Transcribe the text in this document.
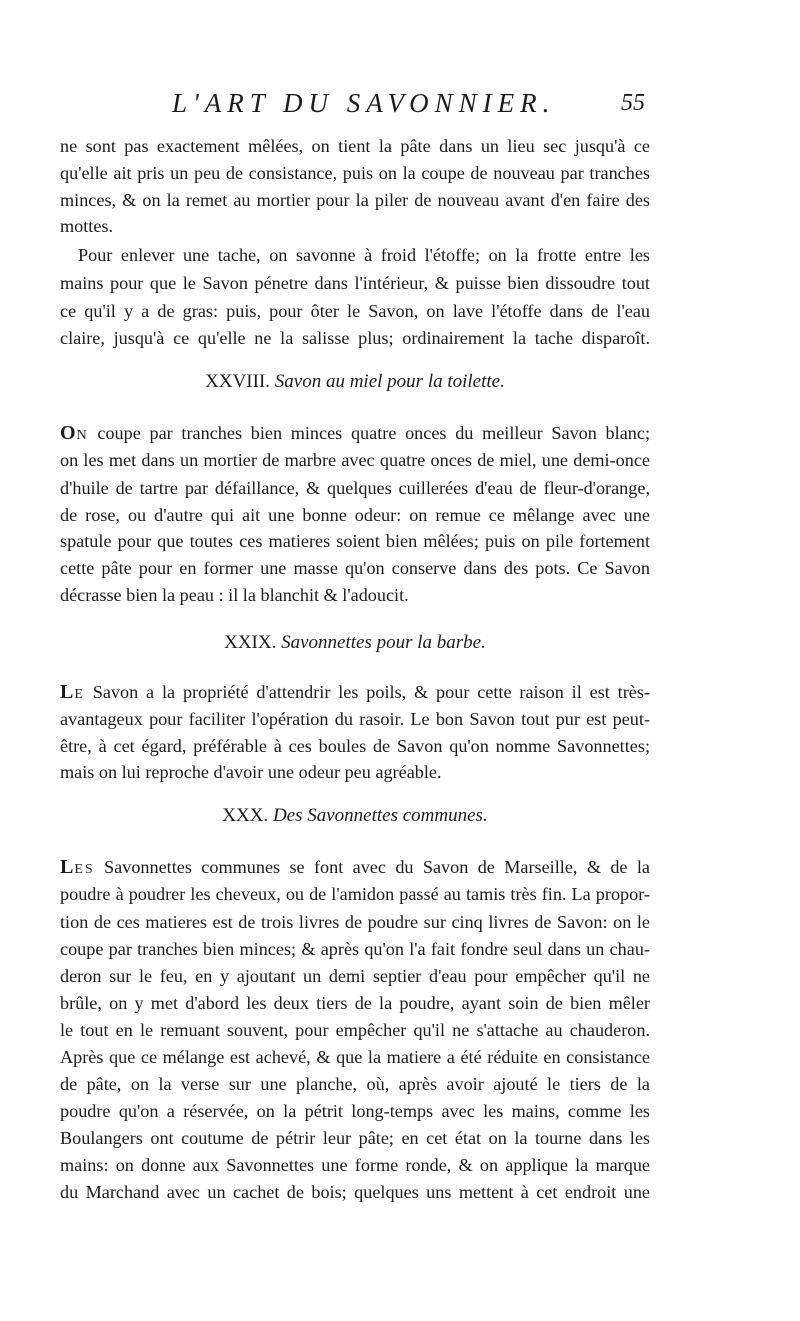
L'ART DU SAVONNIER.	55
ne sont pas exactement mêlées, on tient la pâte dans un lieu sec jusqu'à ce
qu'elle ait pris un peu de consistance, puis on la coupe de nouveau par tranches
minces, & on la remet au mortier pour la piler de nouveau avant d'en faire des
mottes.
Pour enlever une tache, on savonne à froid l'étoffe; on la frotte entre les
mains pour que le Savon pénetre dans l'intérieur, & puisse bien dissoudre tout
ce qu'il y a de gras: puis, pour ôter le Savon, on lave l'étoffe dans de l'eau
claire, jusqu'à ce qu'elle ne la salisse plus; ordinairement la tache disparoît.
XXVIII. Savon au miel pour la toilette.
ON coupe par tranches bien minces quatre onces du meilleur Savon blanc;
on les met dans un mortier de marbre avec quatre onces de miel, une demi-once
d'huile de tartre par défaillance, & quelques cuillerées d'eau de fleur-d'orange,
de rose, ou d'autre qui ait une bonne odeur: on remue ce mêlange avec une
spatule pour que toutes ces matieres soient bien mêlées; puis on pile fortement
cette pâte pour en former une masse qu'on conserve dans des pots. Ce Savon
décrasse bien la peau : il la blanchit & l'adoucit.
XXIX. Savonnettes pour la barbe.
LE Savon a la propriété d'attendrir les poils, & pour cette raison il est très-
avantageux pour faciliter l'opération du rasoir. Le bon Savon tout pur est peut-
être, à cet égard, préférable à ces boules de Savon qu'on nomme Savonnettes;
mais on lui reproche d'avoir une odeur peu agréable.
XXX. Des Savonnettes communes.
LES Savonnettes communes se font avec du Savon de Marseille, & de la
poudre à poudrer les cheveux, ou de l'amidon passé au tamis très fin. La propor-
tion de ces matieres est de trois livres de poudre sur cinq livres de Savon: on le
coupe par tranches bien minces; & après qu'on l'a fait fondre seul dans un chau-
deron sur le feu, en y ajoutant un demi septier d'eau pour empêcher qu'il ne
brûle, on y met d'abord les deux tiers de la poudre, ayant soin de bien mêler
le tout en le remuant souvent, pour empêcher qu'il ne s'attache au chauderon.
Après que ce mélange est achevé, & que la matiere a été réduite en consistance
de pâte, on la verse sur une planche, où, après avoir ajouté le tiers de la
poudre qu'on a réservée, on la pétrit long-temps avec les mains, comme les
Boulangers ont coutume de pétrir leur pâte; en cet état on la tourne dans les
mains: on donne aux Savonnettes une forme ronde, & on applique la marque
du Marchand avec un cachet de bois; quelques uns mettent à cet endroit une
